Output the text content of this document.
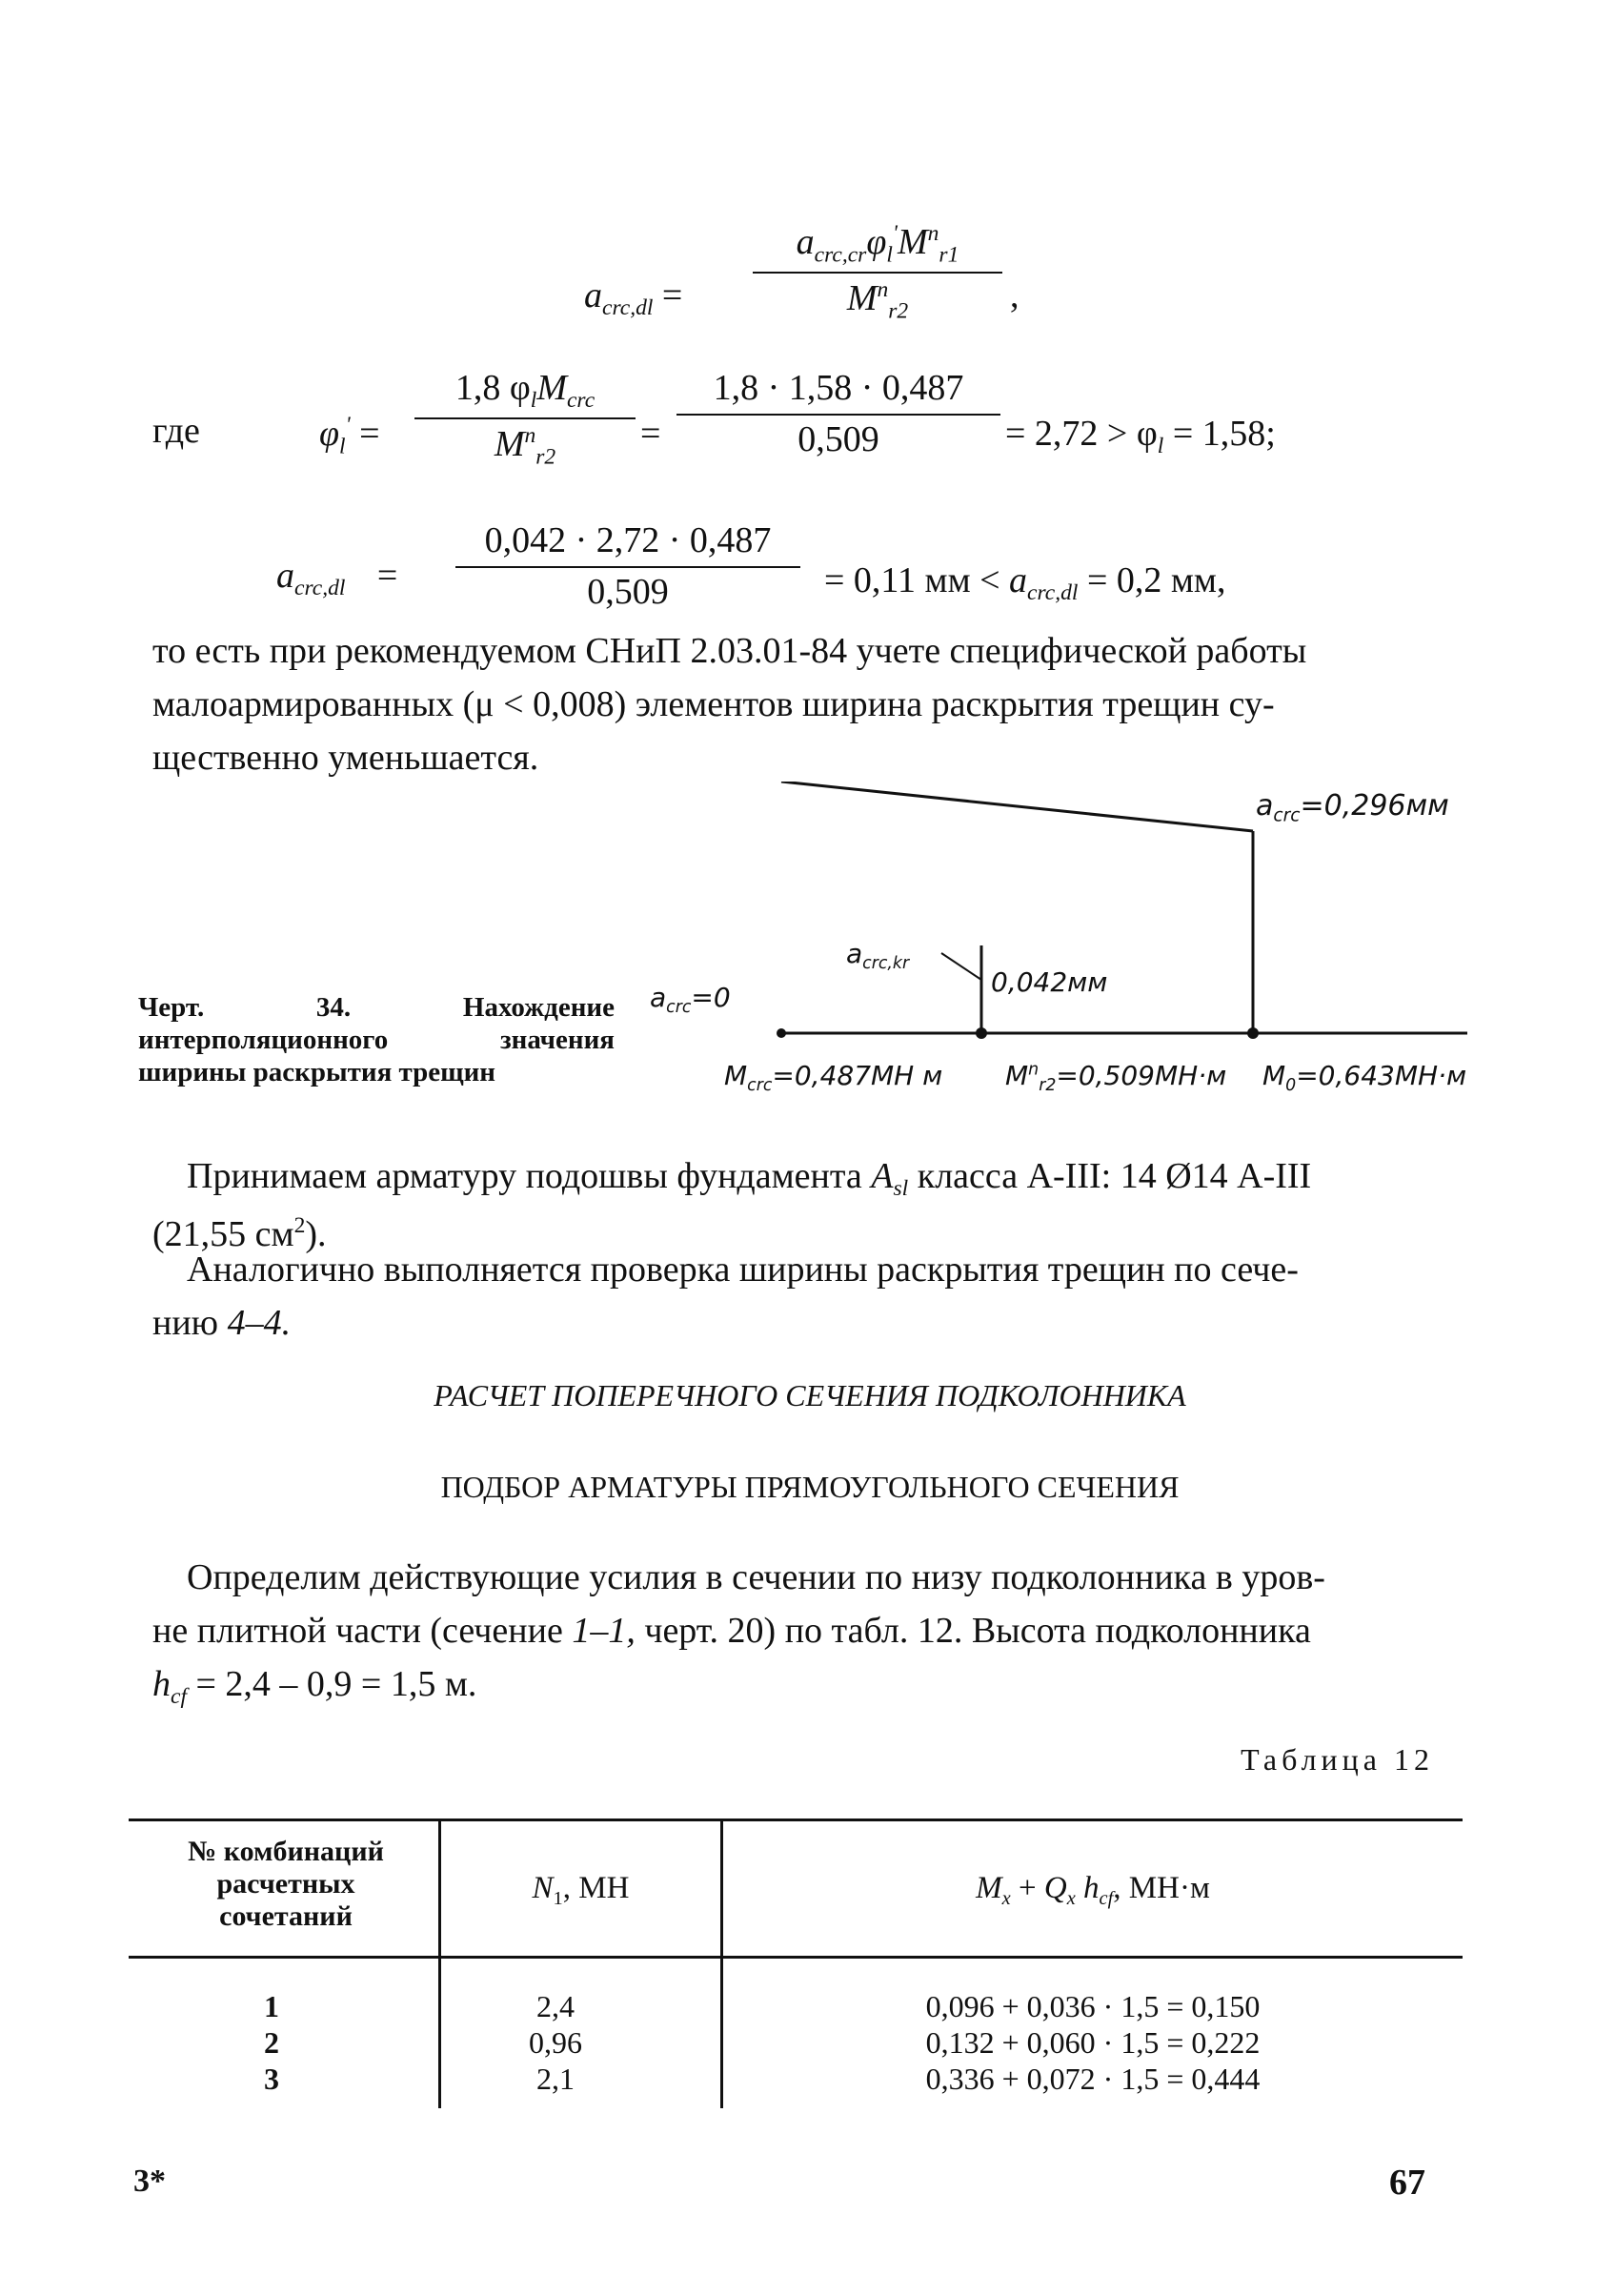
$a_{crc,dl}$ =
$a_{crc,cr}\varphi_l'M^n_{r1}$
$M^n_{r2}$	,
где	$\varphi_l'$ =
1,8 $\varphi_lM_{crc}$
$M^n_{r2}$
=
1,8 · 1,58 · 0,487
0,509	= $2,72 > \varphi_l = 1,58$;
$a_{crc,dl}$ =
0,042 · 2,72 · 0,487
0,509	= 0,11 мм < $a_{crc,dl} = 0,2$ мм,
то есть при рекомендуемом СНиП 2.03.01-84 учете специфической работы
малоармированных (μ < 0,008) элементов ширина раскрытия трещин су-
щественно уменьшается.
$a_{crc}=0,296мм$
$a_{crc,kr}$
0,042мм
$a_{crc}=0$
$M_{crc}=0,487МН$ м $M^n_{r2}=0,509МН\cdot м$ $M_0=0,643МН\cdot м$
Черт. 34. Нахождение интерполяционного значения ширины раскрытия трещин
Принимаем арматуру подошвы фундамента $A_{sl}$ класса А-III: 14 Ø14 А-III
(21,55 $см^2$).
Аналогично выполняется проверка ширины раскрытия трещин по сече-
нию 4–4.
РАСЧЕТ ПОПЕРЕЧНОГО СЕЧЕНИЯ ПОДКОЛОННИКА
ПОДБОР АРМАТУРЫ ПРЯМОУГОЛЬНОГО СЕЧЕНИЯ
Определим действующие усилия в сечении по низу подколонника в уров-
не плитной части (сечение 1–1, черт. 20) по табл. 12. Высота подколонника
$h_{cf} = 2,4 - 0,9 = 1,5$ м.
Таблица 12
№ комбинаций
расчетных
сочетаний
$N_1$, МН	$M_x + Q_x$ $h_{cf}$, МН·м
1	2,4	0,096 + 0,036 · 1,5 = 0,150
2	0,96	0,132 + 0,060 · 1,5 = 0,222
3	2,1	0,336 + 0,072 · 1,5 = 0,444
3*	67
